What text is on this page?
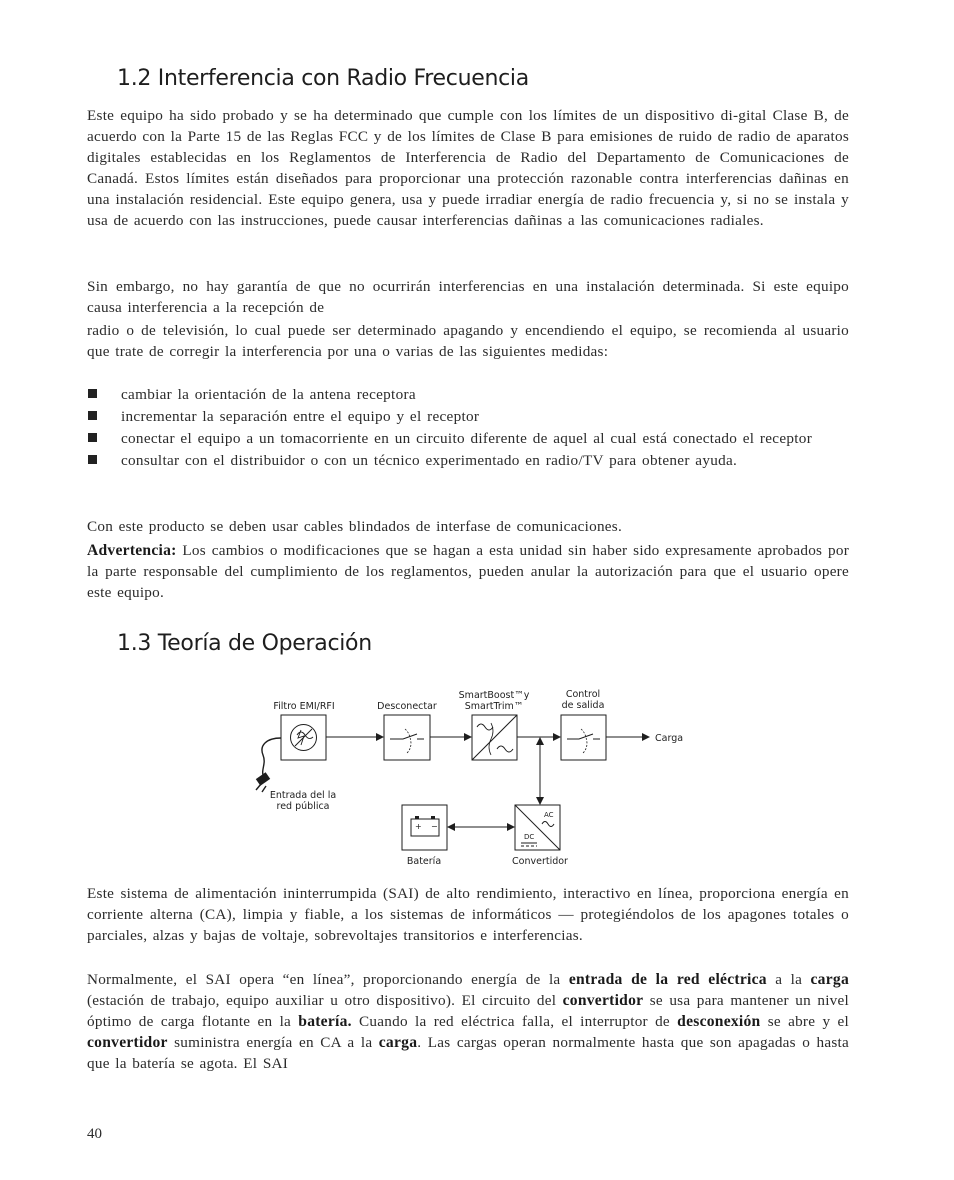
1.2 Interferencia con Radio Frecuencia

Este equipo ha sido probado y se ha determinado que cumple con los límites de un dispositivo di-gital Clase B, de acuerdo con la Parte 15 de las Reglas FCC y de los límites de Clase B para emisiones de ruido de radio de aparatos digitales establecidas en los Reglamentos de Interferencia de Radio del Departamento de Comunicaciones de Canadá. Estos límites están diseñados para proporcionar una protección razonable contra interferencias dañinas en una instalación residencial. Este equipo genera, usa y puede irradiar energía de radio frecuencia y, si no se instala y usa de acuerdo con las instrucciones, puede causar interferencias dañinas a las comunicaciones radiales.

Sin embargo, no hay garantía de que no ocurrirán interferencias en una instalación determinada. Si este equipo causa interferencia a la recepción de

radio o de televisión, lo cual puede ser determinado apagando y encendiendo el equipo, se recomienda al usuario que trate de corregir la interferencia por una o varias de las siguientes medidas:

cambiar la orientación de la antena receptora
incrementar la separación entre el equipo y el receptor
conectar el equipo a un tomacorriente en un circuito diferente de aquel al cual está conectado el receptor
consultar con el distribuidor o con un técnico experimentado en radio/TV para obtener ayuda.

Con este producto se deben usar cables blindados de interfase de comunicaciones.

Advertencia: Los cambios o modificaciones que se hagan a esta unidad sin haber sido expresamente aprobados por la parte responsable del cumplimiento de los reglamentos, pueden anular la autorización para que el usuario opere este equipo.

1.3 Teoría de Operación
Filtro EMI/RFI	Desconectar
SmartBoost™y
SmartTrim™
Control
de salida
Carga
Entrada del la
red pública
+ −
Batería
AC
DC
Convertidor

Este sistema de alimentación ininterrumpida (SAI) de alto rendimiento, interactivo en línea, proporciona energía en corriente alterna (CA), limpia y fiable, a los sistemas de informáticos — protegiéndolos de los apagones totales o parciales, alzas y bajas de voltaje, sobrevoltajes transitorios e interferencias.

Normalmente, el SAI opera “en línea”, proporcionando energía de la entrada de la red eléctrica a la carga (estación de trabajo, equipo auxiliar u otro dispositivo). El circuito del convertidor se usa para mantener un nivel óptimo de carga flotante en la batería. Cuando la red eléctrica falla, el interruptor de desconexión se abre y el convertidor suministra energía en CA a la carga. Las cargas operan normalmente hasta que son apagadas o hasta que la batería se agota. El SAI

40
